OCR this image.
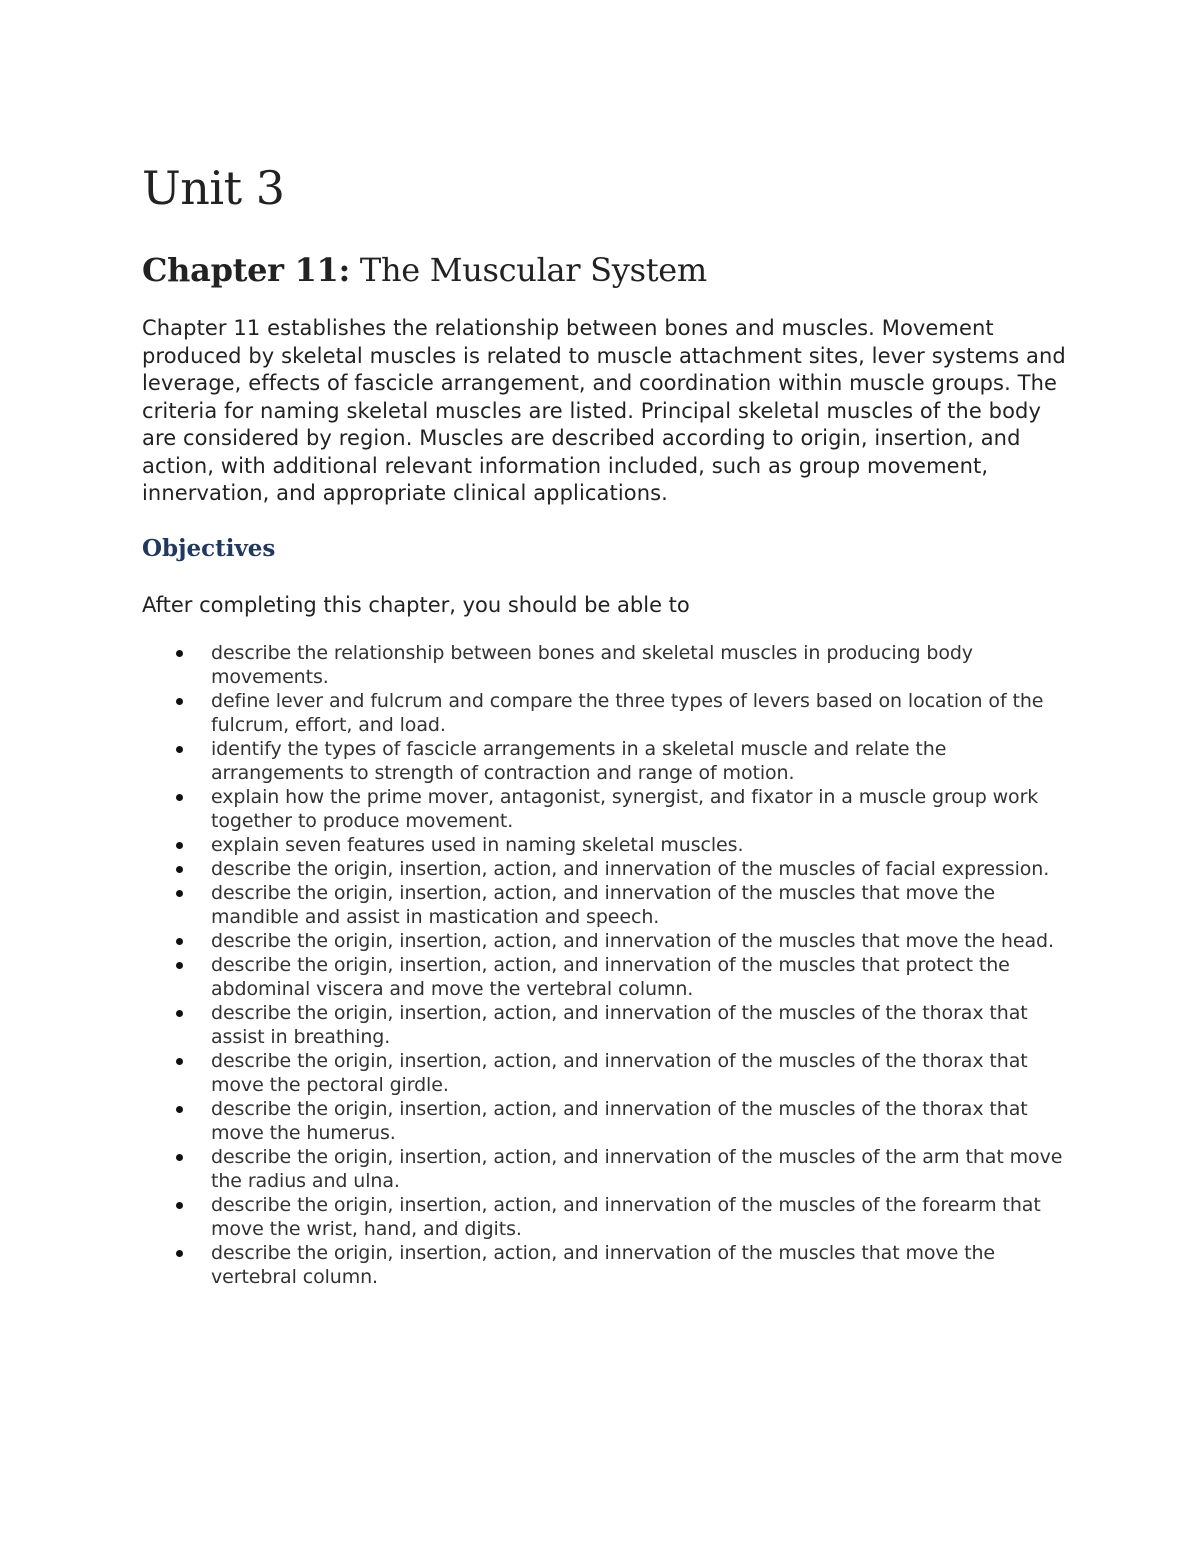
Unit 3
Chapter 11: The Muscular System

Chapter 11 establishes the relationship between bones and muscles. Movement produced by skeletal muscles is related to muscle attachment sites, lever systems and leverage, effects of fascicle arrangement, and coordination within muscle groups. The criteria for naming skeletal muscles are listed. Principal skeletal muscles of the body are considered by region. Muscles are described according to origin, insertion, and action, with additional relevant information included, such as group movement, innervation, and appropriate clinical applications.

Objectives

After completing this chapter, you should be able to

describe the relationship between bones and skeletal muscles in producing body movements.
define lever and fulcrum and compare the three types of levers based on location of the fulcrum, effort, and load.
identify the types of fascicle arrangements in a skeletal muscle and relate the arrangements to strength of contraction and range of motion.
explain how the prime mover, antagonist, synergist, and fixator in a muscle group work together to produce movement.
explain seven features used in naming skeletal muscles.
describe the origin, insertion, action, and innervation of the muscles of facial expression.
describe the origin, insertion, action, and innervation of the muscles that move the mandible and assist in mastication and speech.
describe the origin, insertion, action, and innervation of the muscles that move the head.
describe the origin, insertion, action, and innervation of the muscles that protect the abdominal viscera and move the vertebral column.
describe the origin, insertion, action, and innervation of the muscles of the thorax that assist in breathing.
describe the origin, insertion, action, and innervation of the muscles of the thorax that move the pectoral girdle.
describe the origin, insertion, action, and innervation of the muscles of the thorax that move the humerus.
describe the origin, insertion, action, and innervation of the muscles of the arm that move the radius and ulna.
describe the origin, insertion, action, and innervation of the muscles of the forearm that move the wrist, hand, and digits.
describe the origin, insertion, action, and innervation of the muscles that move the vertebral column.
